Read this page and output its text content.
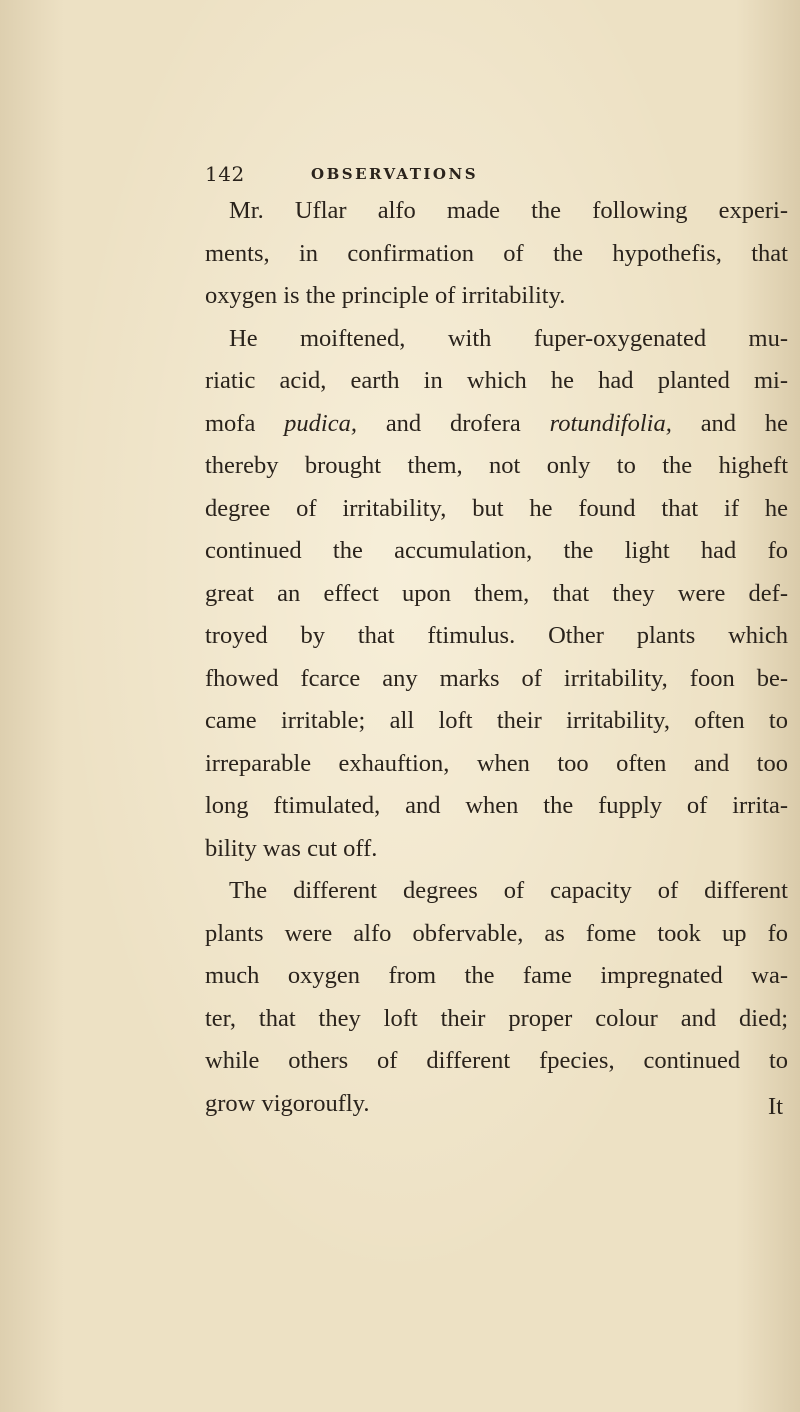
142	OBSERVATIONS
Mr. Uflar alfo made the following experi-
ments, in confirmation of the hypothefis, that
oxygen is the principle of irritability.
He moiftened, with fuper-oxygenated mu-
riatic acid, earth in which he had planted mi-
mofa pudica, and drofera rotundifolia, and he
thereby brought them, not only to the higheft
degree of irritability, but he found that if he
continued the accumulation, the light had fo
great an effect upon them, that they were def-
troyed by that ftimulus. Other plants which
fhowed fcarce any marks of irritability, foon be-
came irritable; all loft their irritability, often to
irreparable exhauftion, when too often and too
long ftimulated, and when the fupply of irrita-
bility was cut off.
The different degrees of capacity of different
plants were alfo obfervable, as fome took up fo
much oxygen from the fame impregnated wa-
ter, that they loft their proper colour and died;
while others of different fpecies, continued to
grow vigoroufly.	It
